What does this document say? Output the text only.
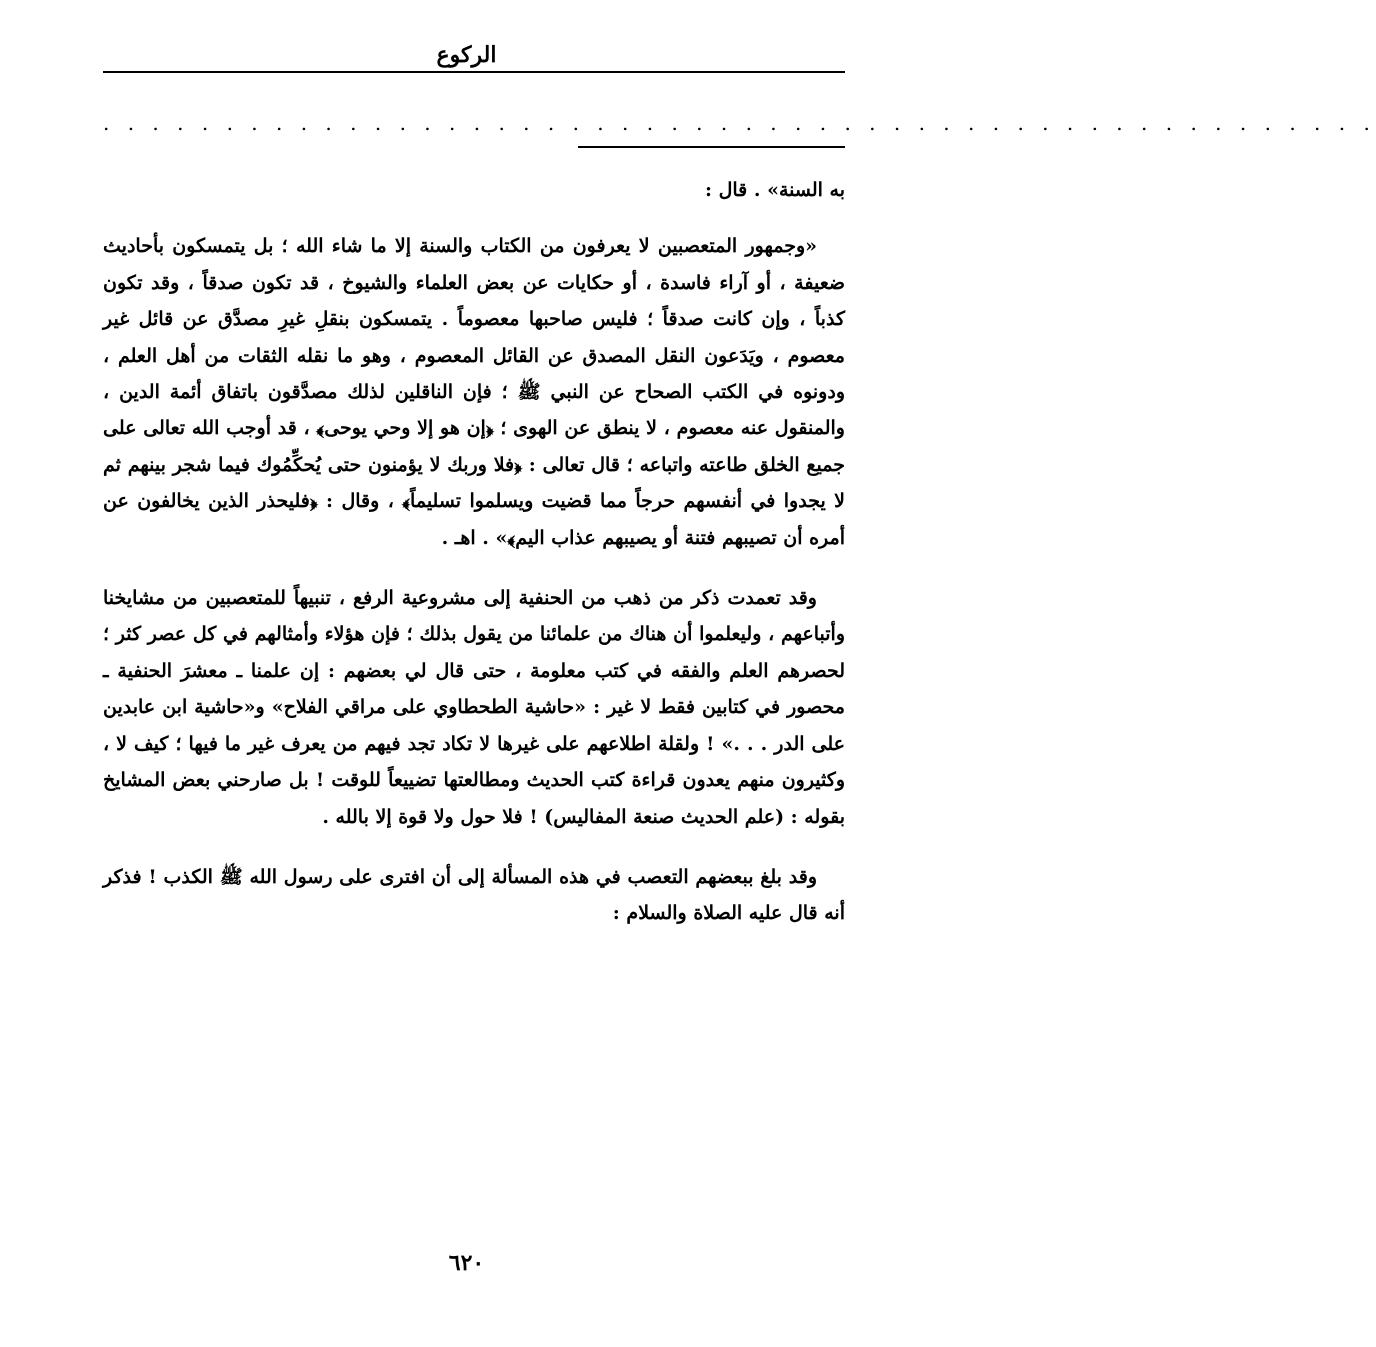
الركوع
. . . . . . . . . . . . . . . . . . . . . . . . . . . . . . . . . . . . . . . . . . . . . . . . . . . .

به السنة» . قال :

«وجمهور المتعصبين لا يعرفون من الكتاب والسنة إلا ما شاء الله ؛ بل يتمسكون بأحاديث ضعيفة ، أو آراء فاسدة ، أو حكايات عن بعض العلماء والشيوخ ، قد تكون صدقاً ، وقد تكون كذباً ، وإن كانت صدقاً ؛ فليس صاحبها معصوماً . يتمسكون بنقلِ غيرِ مصدَّق عن قائل غير معصوم ، ويَدَعون النقل المصدق عن القائل المعصوم ، وهو ما نقله الثقات من أهل العلم ، ودونوه في الكتب الصحاح عن النبي ﷺ ؛ فإن الناقلين لذلك مصدَّقون باتفاق أئمة الدين ، والمنقول عنه معصوم ، لا ينطق عن الهوى ؛ ﴿إن هو إلا وحي يوحى﴾ ، قد أوجب الله تعالى على جميع الخلق طاعته واتباعه ؛ قال تعالى : ﴿فلا وربك لا يؤمنون حتى يُحكِّمُوك فيما شجر بينهم ثم لا يجدوا في أنفسهم حرجاً مما قضيت ويسلموا تسليماً﴾ ، وقال : ﴿فليحذر الذين يخالفون عن أمره أن تصيبهم فتنة أو يصيبهم عذاب اليم﴾» . اهـ .

وقد تعمدت ذكر من ذهب من الحنفية إلى مشروعية الرفع ، تنبيهاً للمتعصبين من مشايخنا وأتباعهم ، وليعلموا أن هناك من علمائنا من يقول بذلك ؛ فإن هؤلاء وأمثالهم في كل عصر كثر ؛ لحصرهم العلم والفقه في كتب معلومة ، حتى قال لي بعضهم : إن علمنا ـ معشرَ الحنفية ـ محصور في كتابين فقط لا غير : «حاشية الطحطاوي على مراقي الفلاح» و«حاشية ابن عابدين على الدر . . .» ! ولقلة اطلاعهم على غيرها لا تكاد تجد فيهم من يعرف غير ما فيها ؛ كيف لا ، وكثيرون منهم يعدون قراءة كتب الحديث ومطالعتها تضييعاً للوقت ! بل صارحني بعض المشايخ بقوله : (علم الحديث صنعة المفاليس) ! فلا حول ولا قوة إلا بالله .

وقد بلغ ببعضهم التعصب في هذه المسألة إلى أن افترى على رسول الله ﷺ الكذب ! فذكر أنه قال عليه الصلاة والسلام :

٦٢٠
